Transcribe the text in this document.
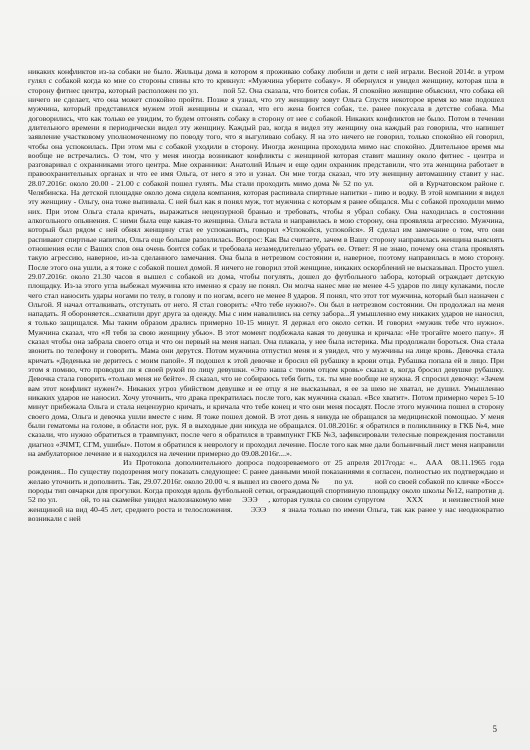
никаких конфликтов из-за собаки не было. Жильцы дома в котором я проживаю собаку любили и дети с ней играли. Весной 2014г. в утром гулял с собакой когда ко мне со стороны спины кто то крикнул: «Мужчина уберите собаку». Я обернулся и увидел женщину, которая шла в сторону фитнес центра, который расположен по ул.            пой 52. Она сказала, что боится собак. Я спокойно женщине объяснил, что собака ей ничего не сделает, что она может спокойно пройти. Позже я узнал, что эту женщину зовут Ольга Спустя некоторое время ко мне подошел мужчина, который представился мужем этой женщины и сказал, что его жена боится собак, т.е. ранее покусала в детстве собака. Мы договорились, что как только ее увидим, то будем отгонять собаку в сторону от нее с собакой. Никаких конфликтов не было. Потом в течении длительного времени я периодически видел эту женщину. Каждый раз, когда я видел эту женщину она каждый раз говорила, что напишет заявление участковому уполномоченному по поводу того, что я выгуливаю собаку. Я на это ничего не говорил, только спокойно ей говорил, чтобы она успокоилась. При этом мы с собакой уходили в сторону. Иногда женщина проходила мимо нас спокойно. Длительное время мы вообще не встречались. О том, что у меня иногда возникают конфликты с женщиной которая ставит машину около фитнес - центра и разговаривал с охранниками этого центра. Мне охранники: Анатолий Ильич и еще один охранник представили, что эта женщина работает в правоохранительных органах и что ее имя Ольга, от него я это и узнал. Он мне тогда сказал, что эту женщину автомашину ставит у нас. 28.07.2016г. около 20.00 - 21.00 с собакой пошел гулять. Мы стали проходить мимо дома № 52 по ул.             ой в Курчатовском районе г. Челябинска. На детской площадке около дома сидела компания, которая распивала спиртные напитки - пиво и водку. В этой компании я видел эту женщину - Ольгу, она тоже выпивала. С ней был как я понял муж, тот мужчина с которым я ранее общался. Мы с собакой проходили мимо них. При этом Ольга стала кричать, выражаться нецензурной бранью и требовать, чтобы я убрал собаку. Она находилась в состоянии алкогольного опьянения. С ними была еще какая-то женщина. Ольга встала и направилась в мою сторону, она проявляла агрессию. Мужчина, который был рядом с ней обнял женщину стал ее успокаивать, говорил «Успокойся, успокойся». Я сделал им замечание о том, что они распивают спиртные напитки, Ольга еще больше разозлилась. Вопрос: Как Вы считаете, зачем в Вашу сторону направилась женщина выяснять отношения если с Ваших слов она очень боится собак и требовала незамедлительно убрать ее. Ответ: Я не знаю, почему она стала проявлять такую агрессию, наверное, из-за сделанного замечания. Она была в нетрезвом состоянии и, наверное, поэтому направилась в мою сторону. После этого она ушли, а я тоже с собакой пошел домой. Я ничего не говорил этой женщине, никаких оскорблений не высказывал. Просто ушел. 29.07.2016г. около 21.30 часов я вышел с собакой из дома, чтобы погулять, дошел до футбольного забора, который ограждает детскую площадку. Из-за этого угла выбежал мужчина кто именно я сразу не понял. Он молча нанес мне не менее 4-5 ударов по лицу кулаками, после чего стал наносить удары ногами по телу, в голову и по ногам, всего не менее 8 ударов. Я понял, что этот тот мужчина, который был назначен с Ольгой. Я начал отталкивать, отступать от него. Я стал говорить: «Что тебе нужно?». Он был в нетрезвом состоянии. Он продолжал на меня нападать. Я обороняется...схватили друг друга за одежду. Мы с ним навалились на сетку забора...Я умышленно ему никаких ударов не наносил, я только защищался. Мы таким образом дрались примерно 10-15 минут. Я держал его около сетки. И говорил «мужик тебе что нужно». Мужчина сказал, что «Я тебя за свою женщину убью». В этот момент подбежала какая то девушка и кричала: «Не трогайте моего папу». Я сказал чтобы она забрала своего отца и что он первый на меня напал. Она плакала, у нее была истерика. Мы продолжали бороться. Она стала звонить по телефону и говорить. Мама они дерутся. Потом мужчина отпустил меня и я увидел, что у мужчины на лице кровь. Девочка стала кричать «Деденька не деритесь с моим папой». Я подошел к этой девочке и бросил ей рубашку в крови отца. Рубашка попала ей в лицо. При этом я помню, что проводил ли я своей рукой по лицу девушки. «Это наша с твоим отцом кровь» сказал я, когда бросил девушке рубашку. Девочка стала говорить «только меня не бейте». Я сказал, что не собираюсь тебя бить, т.к. ты мне вообще не нужна. Я спросил девочку: «Зачем вам этот конфликт нужен?». Никаких угроз убийством девушке и ее отцу я не высказывал, я ее за шею не хватал, не душил. Умышленно никаких ударов не наносил. Хочу уточнить, что драка прекратилась после того, как мужчина сказал. «Все хватит». Потом примерно через 5-10 минут прибежала Ольга и стала нецензурно кричать, и кричала что тебе конец и что они меня посадят. После этого мужчина пошел в сторону своего дома, Ольга и девочка ушли вместе с ним. Я тоже пошел домой. В этот день я никуда не обращался за медицинской помощью. У меня были гематомы на голове, в области ног, рук. Я в выходные дни никуда не обращался. 01.08.2016г. я обратился в поликлинику в ГКБ №4, мне сказали, что нужно обратиться в травмпункт, после чего я обратился в травмпункт ГКБ №3, зафиксировали телесные повреждения поставили диагноз «ЗЧМТ, СГМ, ушибы». Потом я обратился к неврологу и проходил лечение. После того как мне дали больничный лист меня направили на амбулаторное лечение и я находился на лечении примерно до 09.08.2016г....».

Из Протокола дополнительного допроса подозреваемого от 25 апреля 2017года: «..  ААА  08.11.1965 года рождения... По существу подозрения могу показать следующее: С ранее данными мной показаниями я согласен, полностью их подтверждаю и желаю уточнить и дополнить. Так, 29.07.2016г. около 20.00 ч. я вышел из своего дома №        по ул.           ной со своей собакой по кличке «Босс» породы тип овчарки для прогулки. Когда проходя вдоль футбольной сетки, ограждающей спортивную площадку около школы №12, напротив д. 52 по ул.           ой, то на скамейке увидел малознакомую мне     ЭЭЭ     , которая гуляла со своим супругом          XXX         и неизвестной мне женщиной на вид 40-45 лет, среднего роста и телосложения.       ЭЭЭ      я знала только по имени Ольга, так как ранее у нас неоднократно возникали с ней

5
